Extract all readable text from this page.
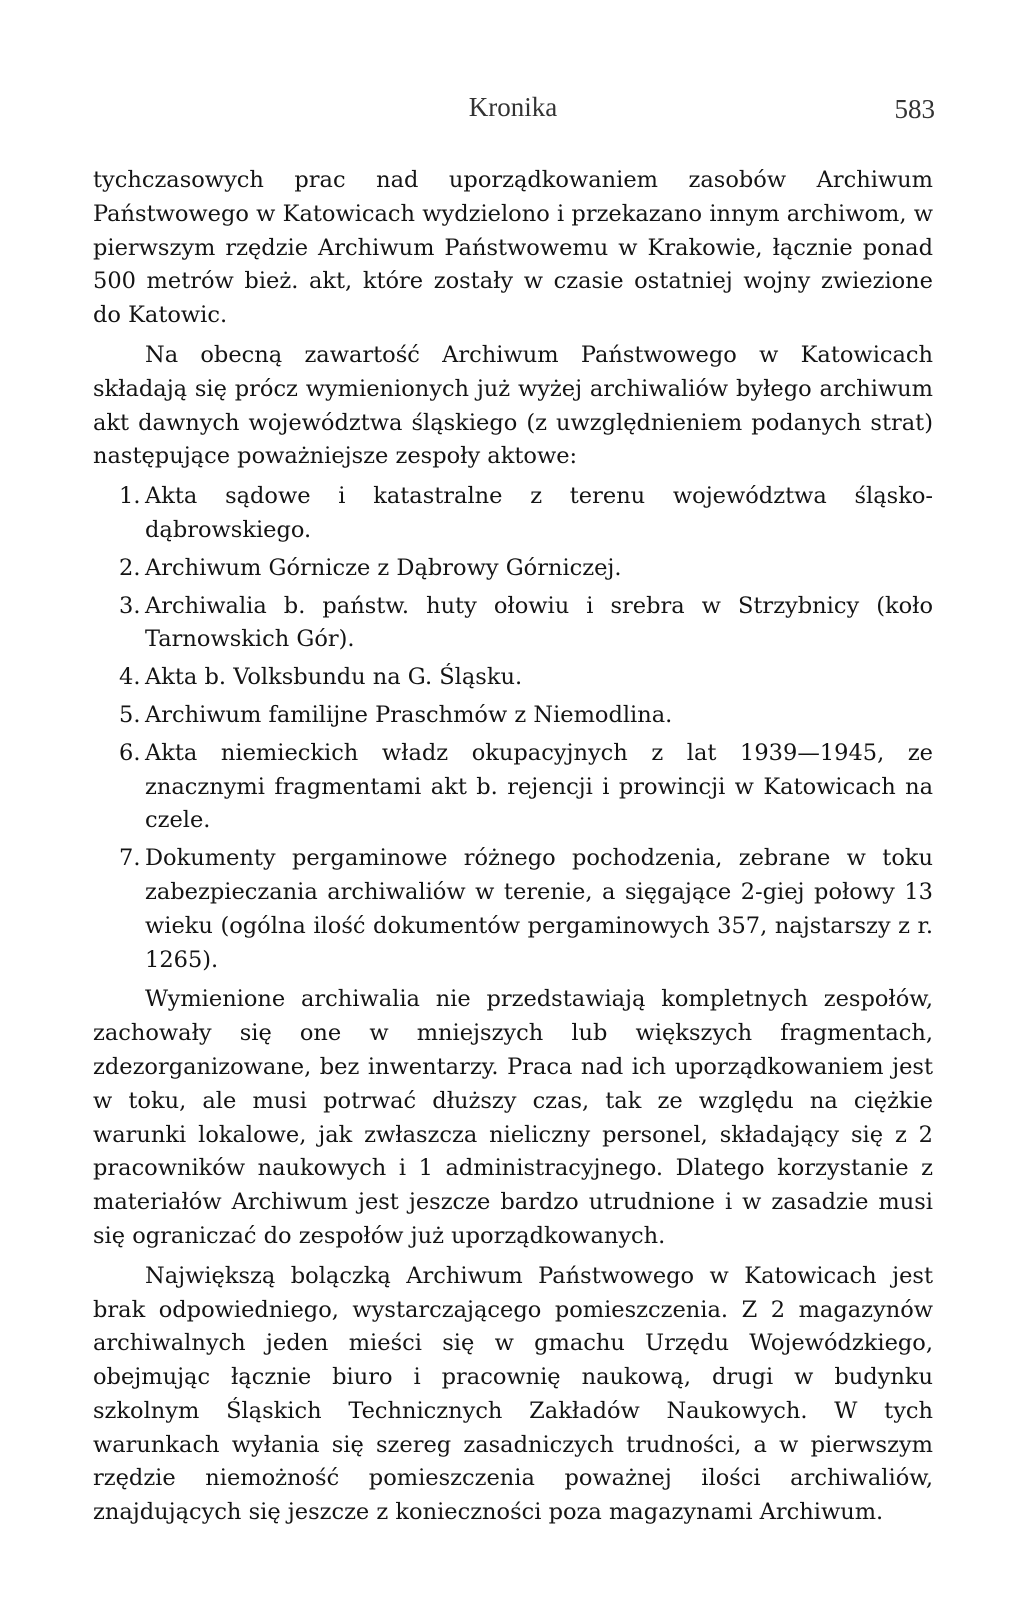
Kronika	583

tychczasowych prac nad uporządkowaniem zasobów Archiwum Państwowego w Katowicach wydzielono i przekazano innym archiwom, w pierwszym rzędzie Archiwum Państwowemu w Krakowie, łącznie ponad 500 metrów bież. akt, które zostały w czasie ostatniej wojny zwiezione do Katowic.

Na obecną zawartość Archiwum Państwowego w Katowicach składają się prócz wymienionych już wyżej archiwaliów byłego archiwum akt dawnych województwa śląskiego (z uwzględnieniem podanych strat) następujące poważniejsze zespoły aktowe:

1. Akta sądowe i katastralne z terenu województwa śląsko-dąbrowskiego.
2. Archiwum Górnicze z Dąbrowy Górniczej.
3. Archiwalia b. państw. huty ołowiu i srebra w Strzybnicy (koło Tarnowskich Gór).
4. Akta b. Volksbundu na G. Śląsku.
5. Archiwum familijne Praschmów z Niemodlina.
6. Akta niemieckich władz okupacyjnych z lat 1939—1945, ze znacznymi fragmentami akt b. rejencji i prowincji w Katowicach na czele.
7. Dokumenty pergaminowe różnego pochodzenia, zebrane w toku zabezpieczania archiwaliów w terenie, a sięgające 2-giej połowy 13 wieku (ogólna ilość dokumentów pergaminowych 357, najstarszy z r. 1265).

Wymienione archiwalia nie przedstawiają kompletnych zespołów, zachowały się one w mniejszych lub większych fragmentach, zdezorganizowane, bez inwentarzy. Praca nad ich uporządkowaniem jest w toku, ale musi potrwać dłuższy czas, tak ze względu na ciężkie warunki lokalowe, jak zwłaszcza nieliczny personel, składający się z 2 pracowników naukowych i 1 administracyjnego. Dlatego korzystanie z materiałów Archiwum jest jeszcze bardzo utrudnione i w zasadzie musi się ograniczać do zespołów już uporządkowanych.

Największą bolączką Archiwum Państwowego w Katowicach jest brak odpowiedniego, wystarczającego pomieszczenia. Z 2 magazynów archiwalnych jeden mieści się w gmachu Urzędu Wojewódzkiego, obejmując łącznie biuro i pracownię naukową, drugi w budynku szkolnym Śląskich Technicznych Zakładów Naukowych. W tych warunkach wyłania się szereg zasadniczych trudności, a w pierwszym rzędzie niemożność pomieszczenia poważnej ilości archiwaliów, znajdujących się jeszcze z konieczności poza magazynami Archiwum.
